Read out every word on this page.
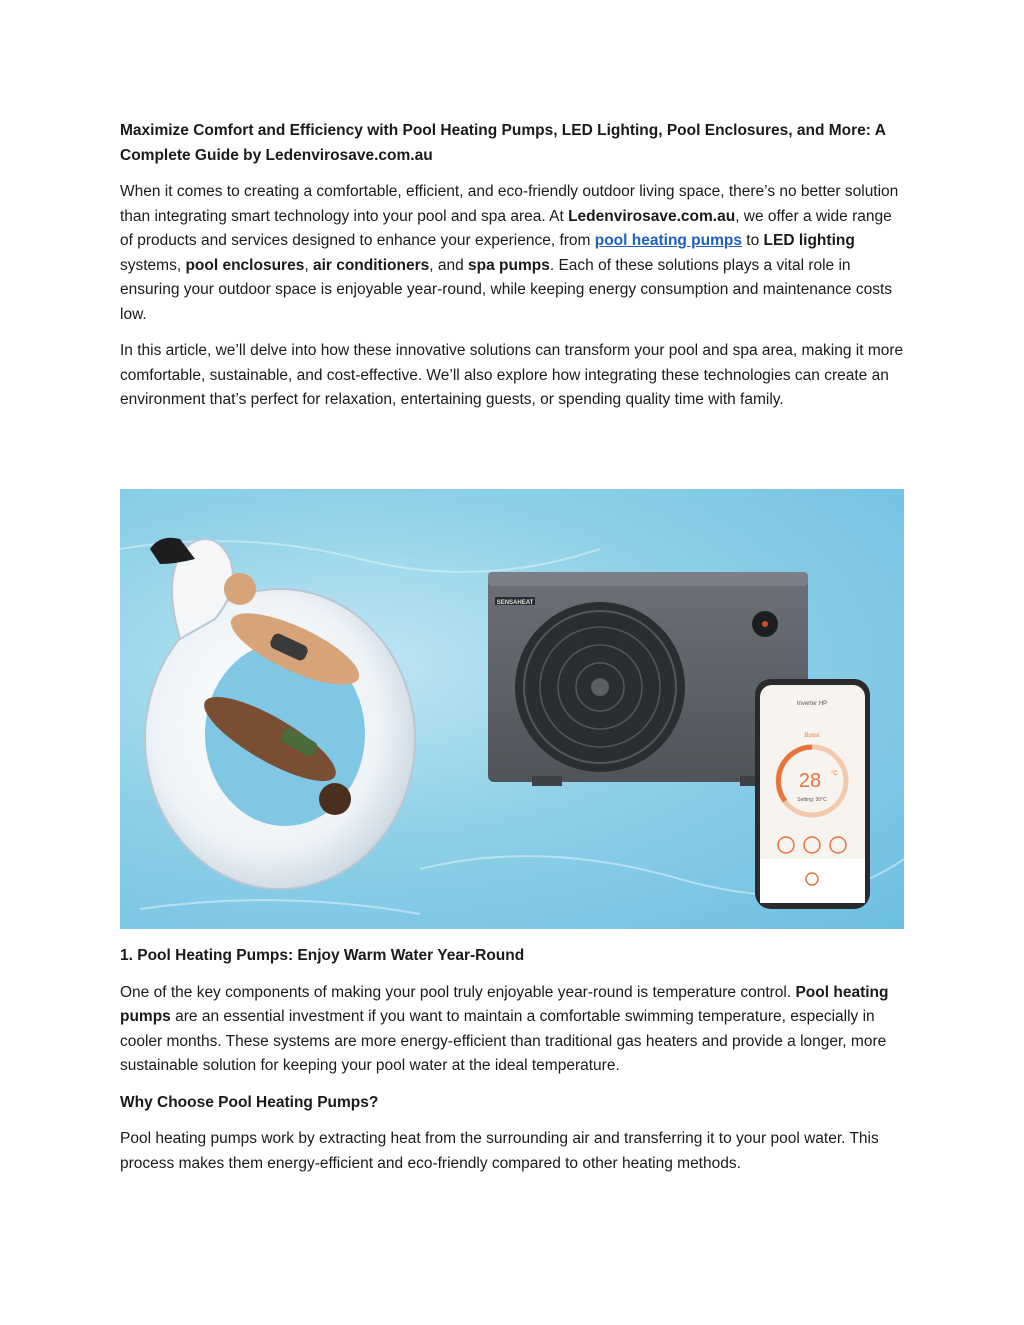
Maximize Comfort and Efficiency with Pool Heating Pumps, LED Lighting, Pool Enclosures, and More: A Complete Guide by Ledenvirosave.com.au

When it comes to creating a comfortable, efficient, and eco-friendly outdoor living space, there’s no better solution than integrating smart technology into your pool and spa area. At Ledenvirosave.com.au, we offer a wide range of products and services designed to enhance your experience, from pool heating pumps to LED lighting systems, pool enclosures, air conditioners, and spa pumps. Each of these solutions plays a vital role in ensuring your outdoor space is enjoyable year-round, while keeping energy consumption and maintenance costs low.

In this article, we’ll delve into how these innovative solutions can transform your pool and spa area, making it more comfortable, sustainable, and cost-effective. We’ll also explore how integrating these technologies can create an environment that’s perfect for relaxation, entertaining guests, or spending quality time with family.

SENSAHEAT
Inverter HP
Boost
28 °C
Setting: 30°C
1. Pool Heating Pumps: Enjoy Warm Water Year-Round

One of the key components of making your pool truly enjoyable year-round is temperature control. Pool heating pumps are an essential investment if you want to maintain a comfortable swimming temperature, especially in cooler months. These systems are more energy-efficient than traditional gas heaters and provide a longer, more sustainable solution for keeping your pool water at the ideal temperature.

Why Choose Pool Heating Pumps?

Pool heating pumps work by extracting heat from the surrounding air and transferring it to your pool water. This process makes them energy-efficient and eco-friendly compared to other heating methods.
